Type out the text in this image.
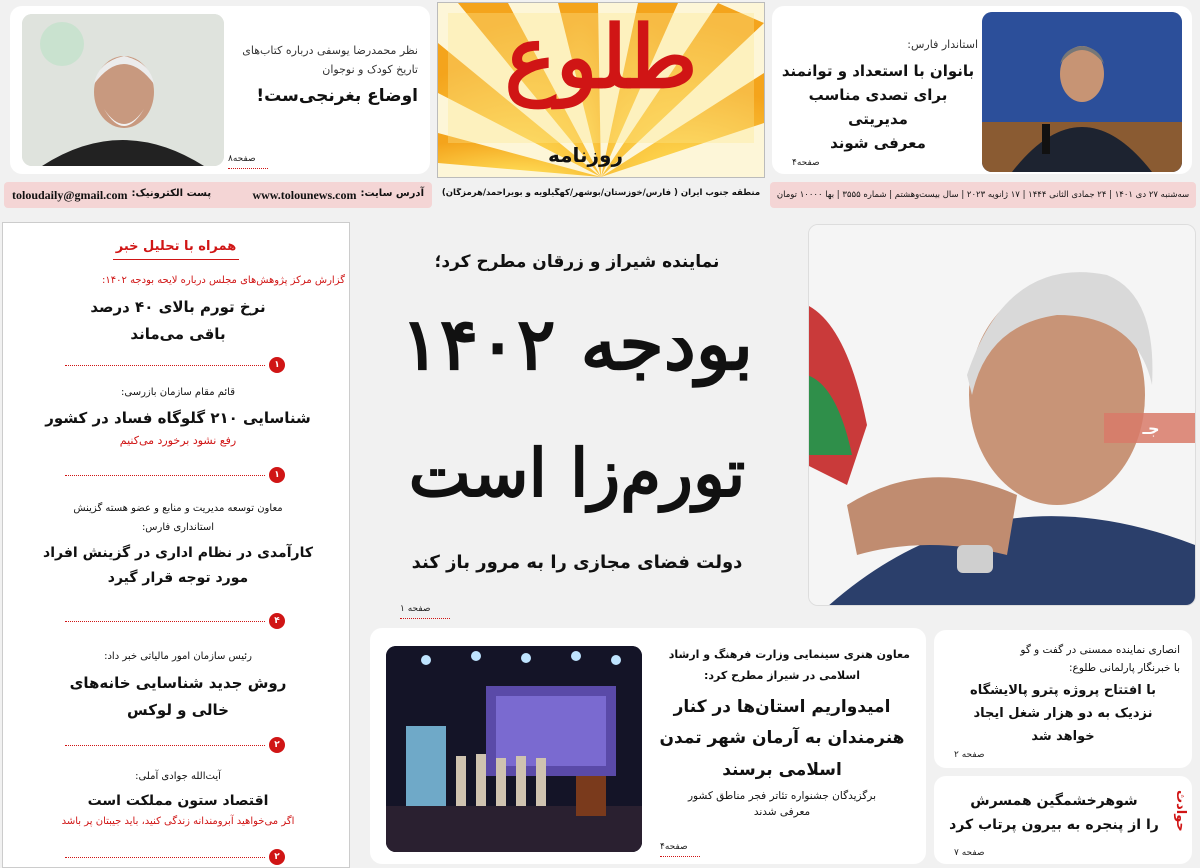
نظر محمدرضا یوسفی درباره کتاب‌های
تاریخ کودک و نوجوان
اوضاع بغرنجی‌ست!
صفحه۸
طلوع
روزنامه
استاندار فارس:
بانوان با استعداد و توانمند
برای تصدی مناسب مدیریتی
معرفی شوند
صفحه۴
آدرس سایت:
www.tolounews.com
پست الکترونیک:
toloudaily@gmail.com	منطقه جنوب ایران ( فارس/خوزستان/بوشهر/کهگیلویه و بویراحمد/هرمزگان)	سه‌شنبه ۲۷ دی ۱۴۰۱ | ۲۴ جمادی الثانی ۱۴۴۴ | ۱۷ ژانویه ۲۰۲۳ | سال بیست‌وهشتم | شماره ۳۵۵۵ | بها ۱۰۰۰۰ تومان
همراه با تحلیل خبر
گزارش مرکز پژوهش‌های مجلس درباره لایحه بودجه ۱۴۰۲:
نرخ تورم بالای ۴۰ درصد
باقی می‌ماند
۱
قائم مقام سازمان بازرسی:
شناسایی ۲۱۰ گلوگاه فساد در کشور
رفع نشود برخورد می‌کنیم
۱
معاون توسعه مدیریت و منابع و عضو هسته گزینش
استانداری فارس:
کارآمدی در نظام اداری در گزینش افراد
مورد توجه قرار گیرد
۴
رئیس سازمان امور مالیاتی خبر داد:
روش جدید شناسایی خانه‌های
خالی و لوکس
۲
آیت‌الله جوادی آملی:
اقتصاد ستون مملکت است
اگر می‌خواهید آبرومندانه زندگی کنید، باید جیبتان پر باشد
۲
نماینده شیراز و زرقان مطرح کرد؛
بودجه ۱۴۰۲
تورم‌زا است
دولت فضای مجازی را به مرور باز کند
صفحه ۱
جـ
معاون هنری سینمایی وزارت فرهنگ و ارشاد
اسلامی در شیراز مطرح کرد:
امیدواریم استان‌ها در کنار
هنرمندان به آرمان شهر تمدن
اسلامی برسند
برگزیدگان جشنواره تئاتر فجر مناطق کشور
معرفی شدند
صفحه۴
انصاری نماینده ممسنی در گفت و گو
با خبرنگار پارلمانی طلوع:
با افتتاح پروژه پترو پالایشگاه
نزدیک به دو هزار شغل ایجاد
خواهد شد
صفحه ۲
حوادث
شوهرخشمگین همسرش
را از پنجره به بیرون پرتاب کرد
صفحه ۷
